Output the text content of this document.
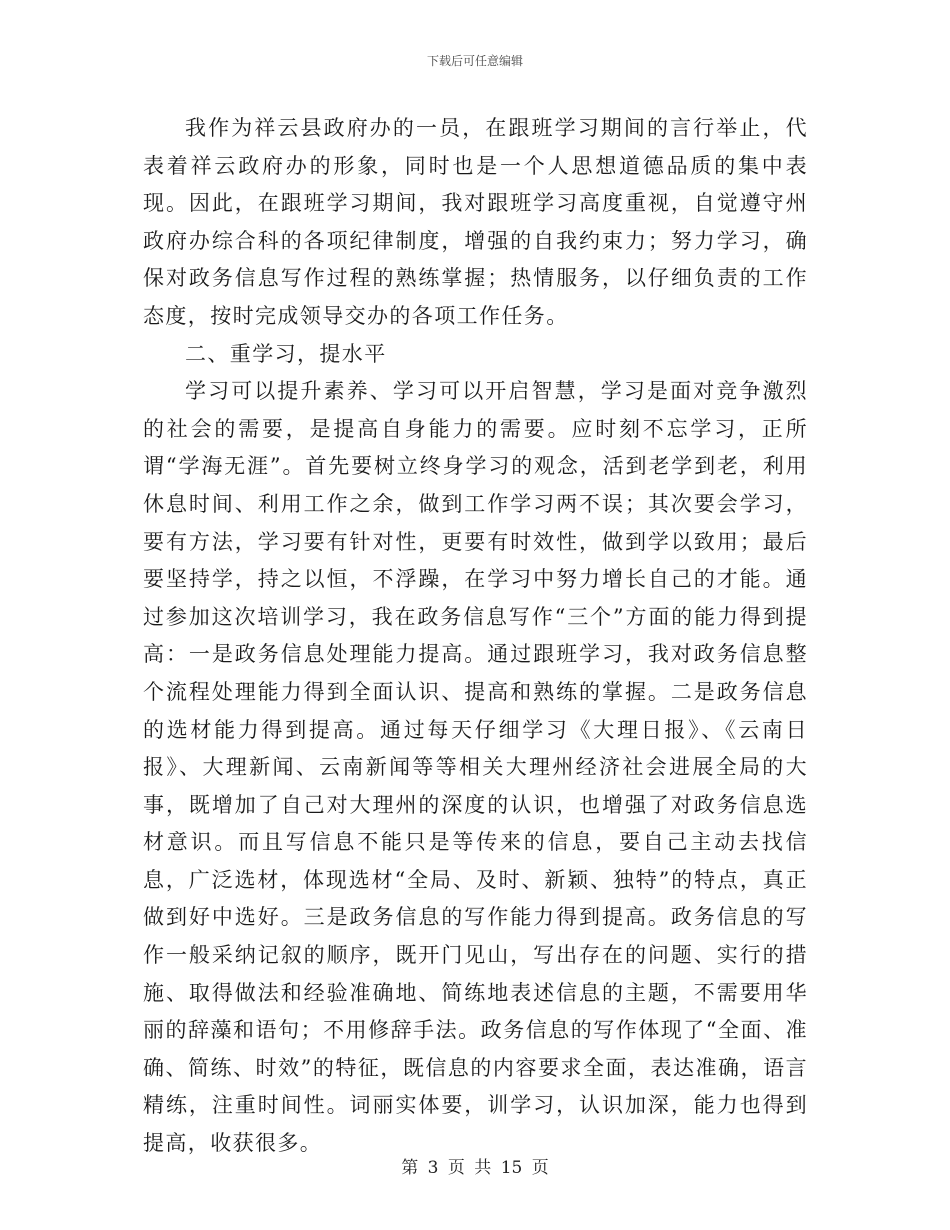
下载后可任意编辑

我作为祥云县政府办的一员，在跟班学习期间的言行举止，代表着祥云政府办的形象，同时也是一个人思想道德品质的集中表现。因此，在跟班学习期间，我对跟班学习高度重视，自觉遵守州政府办综合科的各项纪律制度，增强的自我约束力；努力学习，确保对政务信息写作过程的熟练掌握；热情服务，以仔细负责的工作态度，按时完成领导交办的各项工作任务。

二、重学习，提水平

学习可以提升素养、学习可以开启智慧，学习是面对竞争激烈的社会的需要，是提高自身能力的需要。应时刻不忘学习，正所谓“学海无涯”。首先要树立终身学习的观念，活到老学到老，利用休息时间、利用工作之余，做到工作学习两不误；其次要会学习，要有方法，学习要有针对性，更要有时效性，做到学以致用；最后要坚持学，持之以恒，不浮躁，在学习中努力增长自己的才能。通过参加这次培训学习，我在政务信息写作“三个”方面的能力得到提高：一是政务信息处理能力提高。通过跟班学习，我对政务信息整个流程处理能力得到全面认识、提高和熟练的掌握。二是政务信息的选材能力得到提高。通过每天仔细学习《大理日报》、《云南日报》、大理新闻、云南新闻等等相关大理州经济社会进展全局的大事，既增加了自己对大理州的深度的认识，也增强了对政务信息选材意识。而且写信息不能只是等传来的信息，要自己主动去找信息，广泛选材，体现选材“全局、及时、新颖、独特”的特点，真正做到好中选好。三是政务信息的写作能力得到提高。政务信息的写作一般采纳记叙的顺序，既开门见山，写出存在的问题、实行的措施、取得做法和经验准确地、简练地表述信息的主题，不需要用华丽的辞藻和语句；不用修辞手法。政务信息的写作体现了“全面、准确、简练、时效”的特征，既信息的内容要求全面，表达准确，语言精练，注重时间性。词丽实体要，训学习，认识加深，能力也得到提高，收获很多。

第 3 页 共 15 页
